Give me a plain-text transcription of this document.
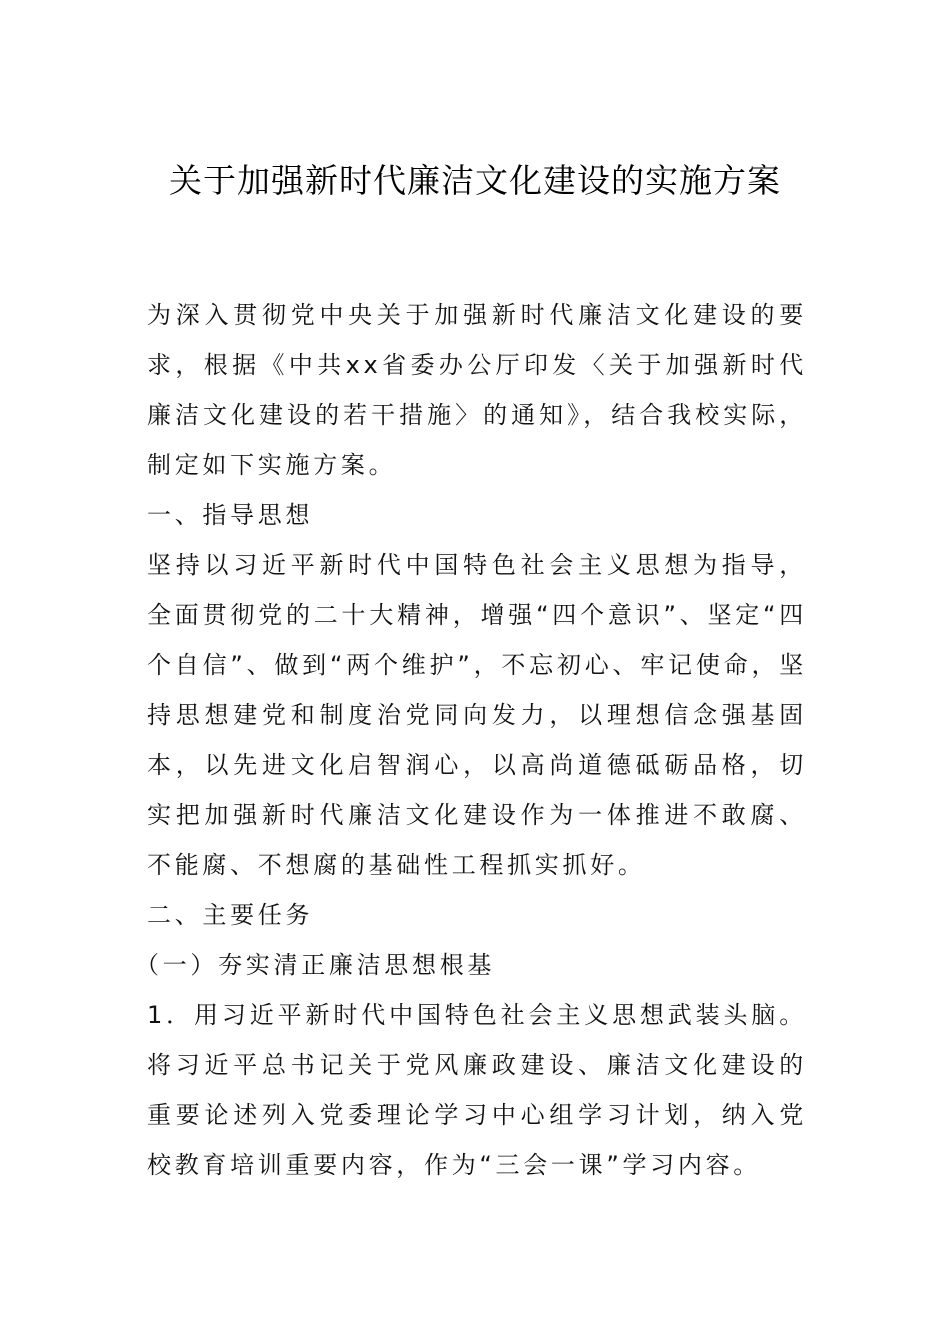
关于加强新时代廉洁文化建设的实施方案

为深入贯彻党中央关于加强新时代廉洁文化建设的要求，根据《中共xx省委办公厅印发〈关于加强新时代廉洁文化建设的若干措施〉的通知》，结合我校实际，制定如下实施方案。

一、指导思想

坚持以习近平新时代中国特色社会主义思想为指导，全面贯彻党的二十大精神，增强“四个意识”、坚定“四个自信”、做到“两个维护”，不忘初心、牢记使命，坚持思想建党和制度治党同向发力，以理想信念强基固本，以先进文化启智润心，以高尚道德砥砺品格，切实把加强新时代廉洁文化建设作为一体推进不敢腐、不能腐、不想腐的基础性工程抓实抓好。

二、主要任务

（一）夯实清正廉洁思想根基

1．用习近平新时代中国特色社会主义思想武装头脑。将习近平总书记关于党风廉政建设、廉洁文化建设的重要论述列入党委理论学习中心组学习计划，纳入党校教育培训重要内容，作为“三会一课”学习内容。
